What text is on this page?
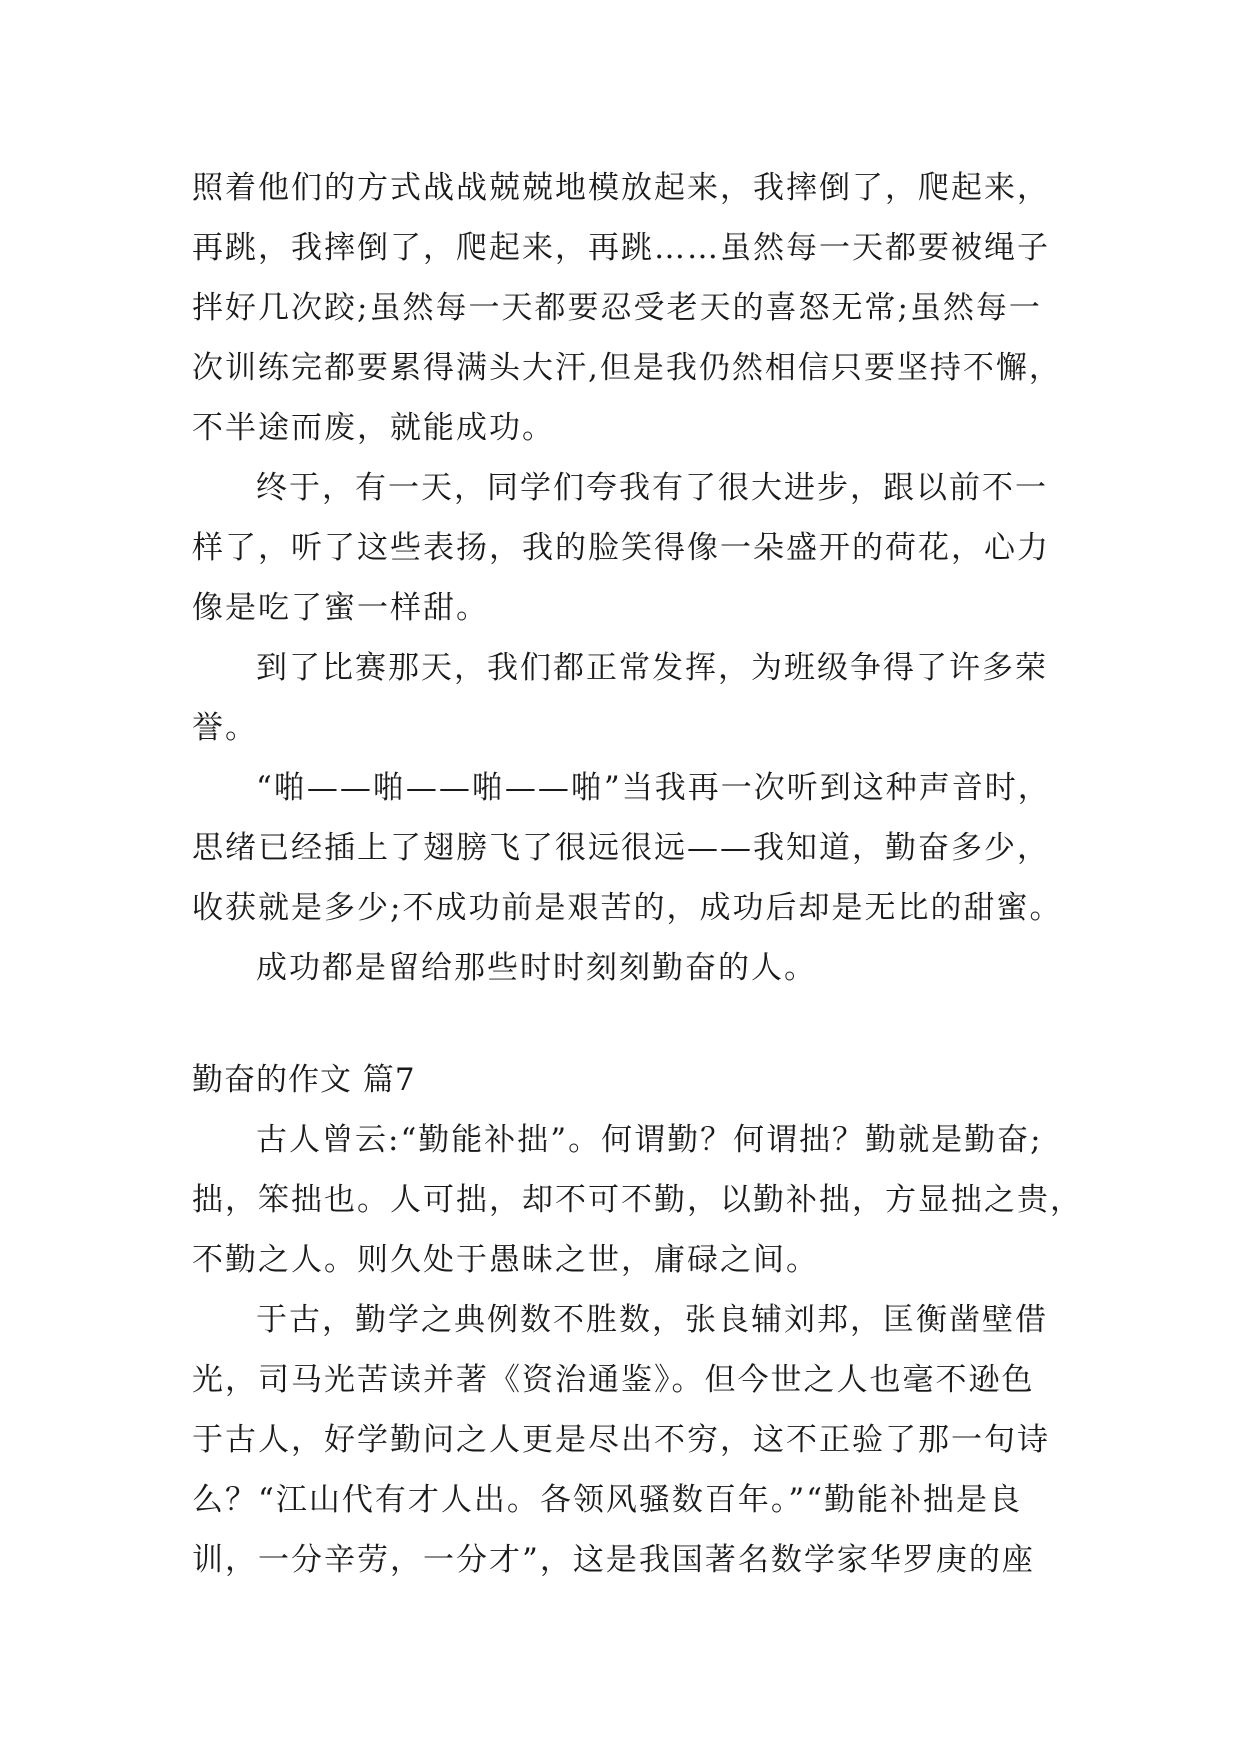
照着他们的方式战战兢兢地模放起来，我摔倒了，爬起来，
再跳，我摔倒了，爬起来，再跳……虽然每一天都要被绳子
拌好几次跤;虽然每一天都要忍受老天的喜怒无常;虽然每一
次训练完都要累得满头大汗,但是我仍然相信只要坚持不懈，
不半途而废，就能成功。
终于，有一天，同学们夸我有了很大进步，跟以前不一
样了，听了这些表扬，我的脸笑得像一朵盛开的荷花，心力
像是吃了蜜一样甜。
到了比赛那天，我们都正常发挥，为班级争得了许多荣
誉。
“啪——啪——啪——啪”当我再一次听到这种声音时，
思绪已经插上了翅膀飞了很远很远——我知道，勤奋多少，
收获就是多少;不成功前是艰苦的，成功后却是无比的甜蜜。
成功都是留给那些时时刻刻勤奋的人。
勤奋的作文 篇7
古人曾云:“勤能补拙”。何谓勤？何谓拙？勤就是勤奋;
拙，笨拙也。人可拙，却不可不勤，以勤补拙，方显拙之贵，
不勤之人。则久处于愚昧之世，庸碌之间。
于古，勤学之典例数不胜数，张良辅刘邦，匡衡凿壁借
光，司马光苦读并著《资治通鉴》。但今世之人也毫不逊色
于古人，好学勤问之人更是尽出不穷，这不正验了那一句诗
么？“江山代有才人出。各领风骚数百年。”“勤能补拙是良
训，一分辛劳，一分才”，这是我国著名数学家华罗庚的座
